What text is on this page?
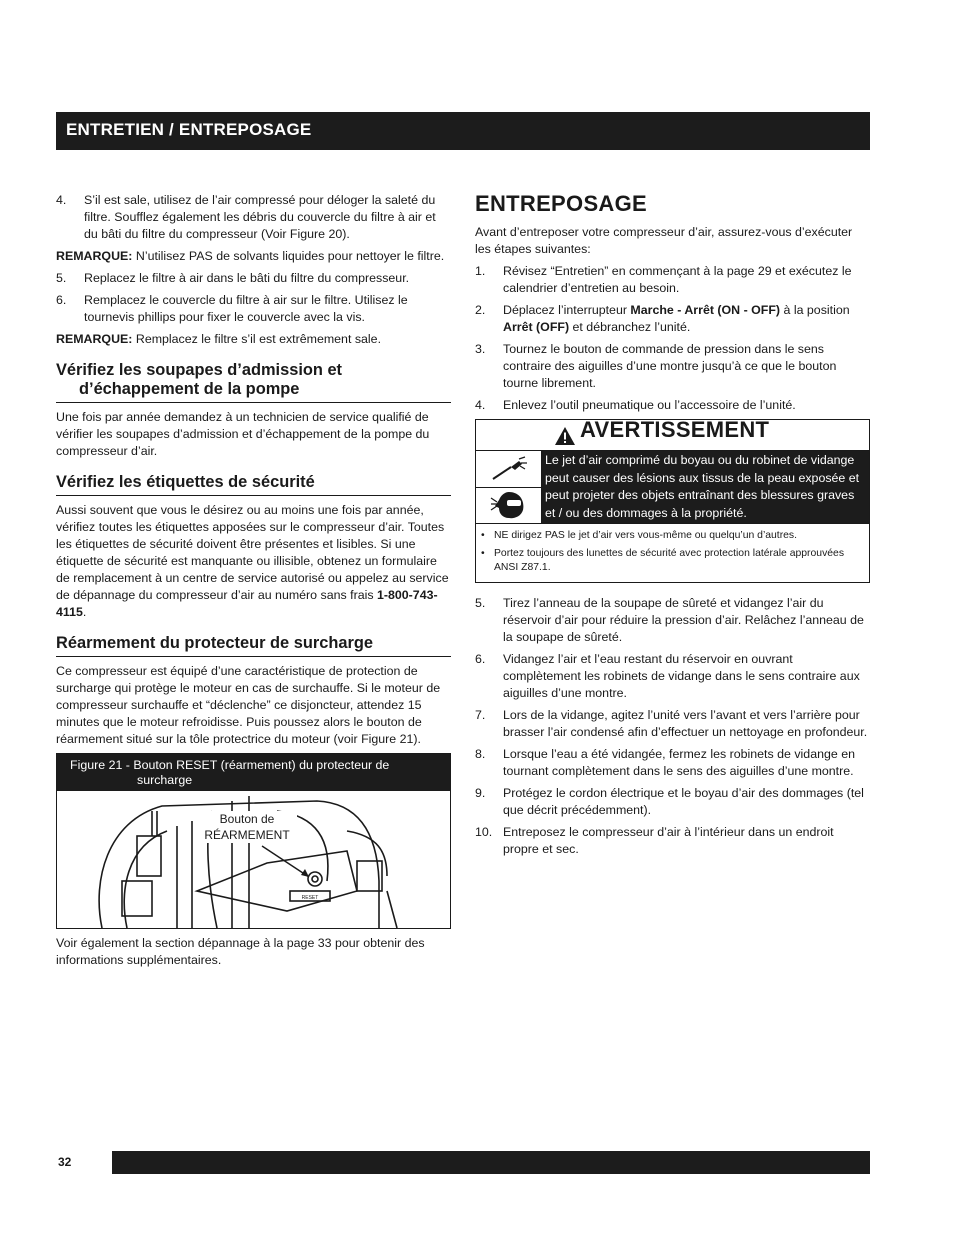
ENTRETIEN / ENTREPOSAGE
4. S’il est sale, utilisez de l’air compressé pour déloger la saleté du filtre. Soufflez également les débris du couvercle du filtre à air et du bâti du filtre du compresseur (Voir Figure 20).

REMARQUE: N’utilisez PAS de solvants liquides pour nettoyer le filtre.

5. Replacez le filtre à air dans le bâti du filtre du compresseur.
6. Remplacez le couvercle du filtre à air sur le filtre. Utilisez le tournevis phillips pour fixer le couvercle avec la vis.

REMARQUE: Remplacez le filtre s’il est extrêmement sale.

Vérifiez les soupapes d’admission et
d’échappement de la pompe

Une fois par année demandez à un technicien de service qualifié de vérifier les soupapes d’admission et d’échappement de la pompe du compresseur d’air.

Vérifiez les étiquettes de sécurité

Aussi souvent que vous le désirez ou au moins une fois par année, vérifiez toutes les étiquettes apposées sur le compresseur d’air. Toutes les étiquettes de sécurité doivent être présentes et lisibles. Si une étiquette de sécurité est manquante ou illisible, obtenez un formulaire de remplacement à un centre de service autorisé ou appelez au service de dépannage du compresseur d’air au numéro sans frais 1-800-743-4115.

Réarmement du protecteur de surcharge

Ce compresseur est équipé d’une caractéristique de protection de surcharge qui protège le moteur en cas de surchauffe. Si le moteur de compresseur surchauffe et “déclenche” ce disjoncteur, attendez 15 minutes que le moteur refroidisse. Puis poussez alors le bouton de réarmement situé sur la tôle protectrice du moteur (voir Figure 21).

Figure 21 - Bouton RESET (réarmement) du protecteur de
surcharge
RESET
Bouton de
RÉARMEMENT

Voir également la section dépannage à la page 33 pour obtenir des informations supplémentaires.

ENTREPOSAGE

Avant d’entreposer votre compresseur d’air, assurez-vous d’exécuter les étapes suivantes:

1. Révisez “Entretien” en commençant à la page 29 et exécutez le calendrier d’entretien au besoin.
2. Déplacez l’interrupteur Marche - Arrêt (ON - OFF) à la position Arrêt (OFF) et débranchez l’unité.
3. Tournez le bouton de commande de pression dans le sens contraire des aiguilles d’une montre jusqu’à ce que le bouton tourne librement.
4. Enlevez l’outil pneumatique ou l’accessoire de l’unité.
AVERTISSEMENT
Le jet d’air comprimé du boyau ou du robinet de vidange peut causer des lésions aux tissus de la peau exposée et peut projeter des objets entraînant des blessures graves et / ou des dommages à la propriété.
• NE dirigez PAS le jet d’air vers vous-même ou quelqu’un d’autres.
• Portez toujours des lunettes de sécurité avec protection latérale approuvées ANSI Z87.1.
5. Tirez l’anneau de la soupape de sûreté et vidangez l’air du réservoir d’air pour réduire la pression d’air. Relâchez l’anneau de la soupape de sûreté.
6. Vidangez l’air et l’eau restant du réservoir en ouvrant complètement les robinets de vidange dans le sens contraire aux aiguilles d’une montre.
7. Lors de la vidange, agitez l’unité vers l’avant et vers l’arrière pour brasser l’air condensé afin d’effectuer un nettoyage en profondeur.
8. Lorsque l’eau a été vidangée, fermez les robinets de vidange en tournant complètement dans le sens des aiguilles d’une montre.
9. Protégez le cordon électrique et le boyau d’air des dommages (tel que décrit précédemment).
10. Entreposez le compresseur d’air à l’intérieur dans un endroit propre et sec.
32
